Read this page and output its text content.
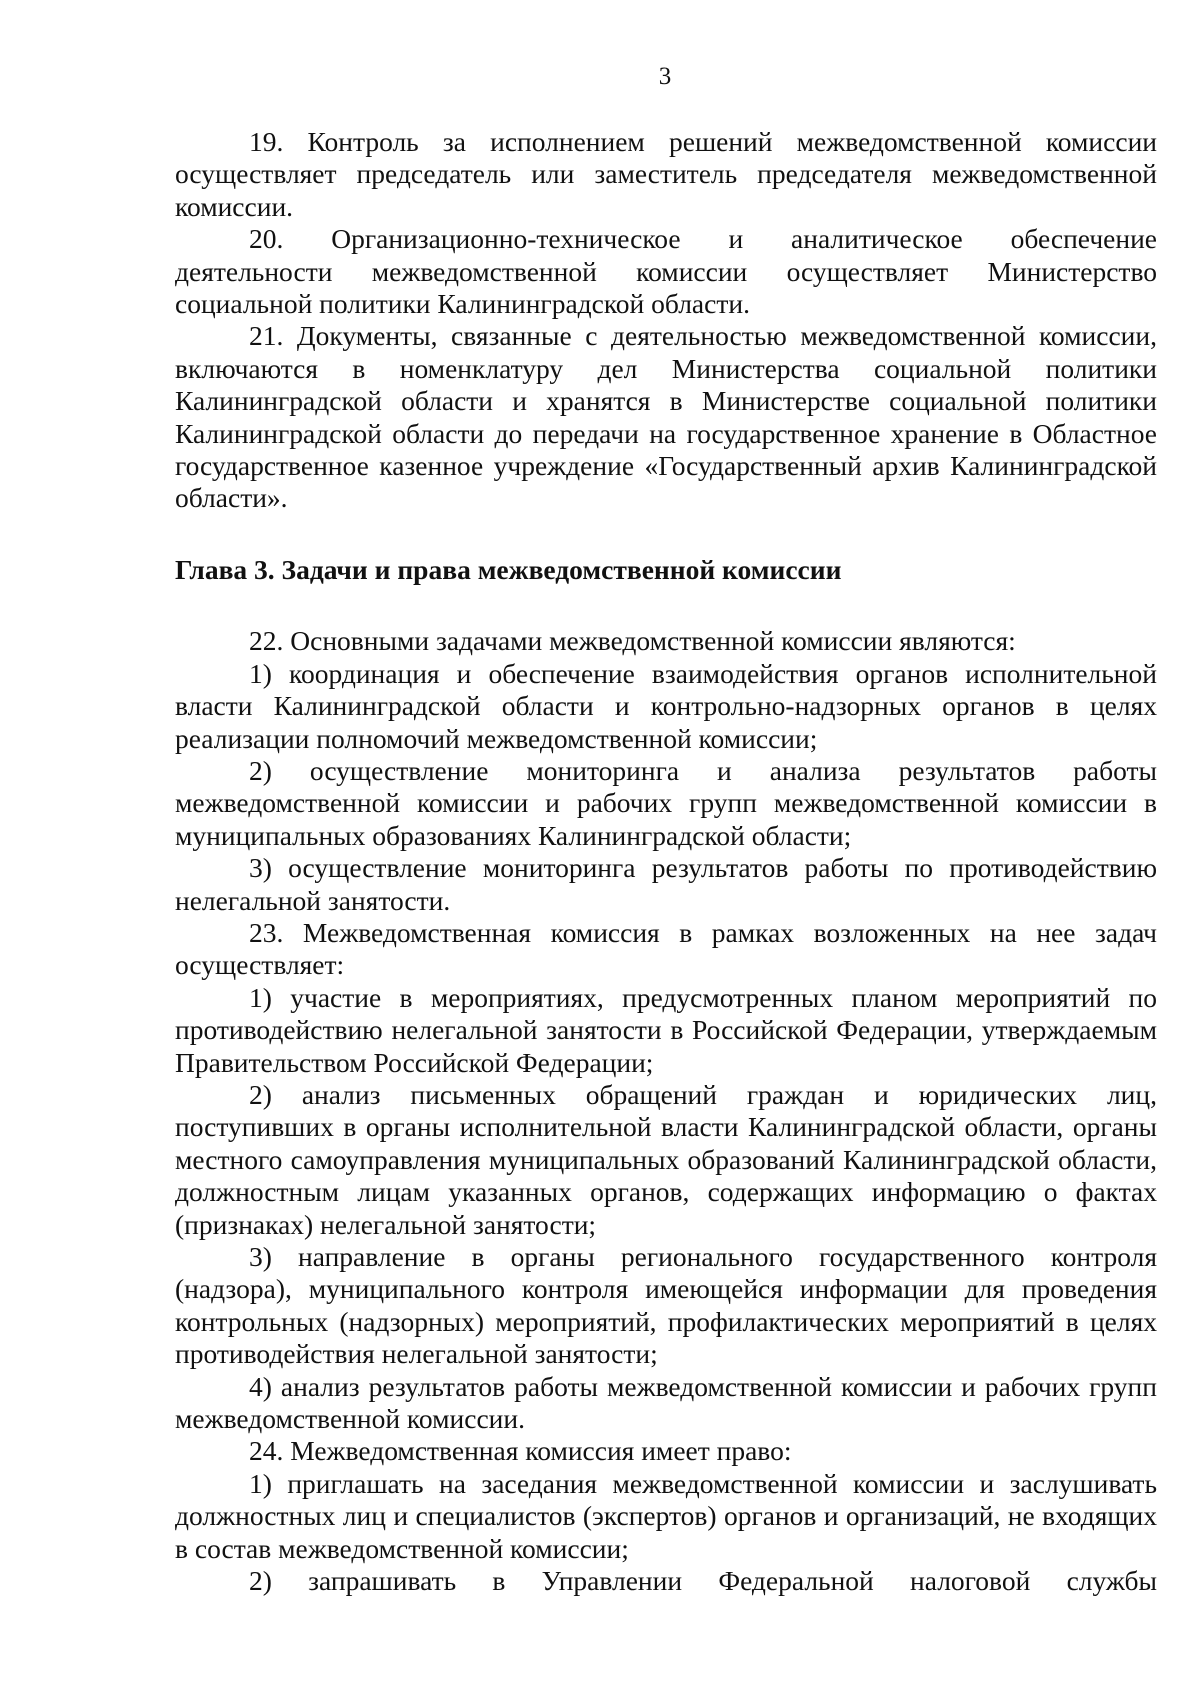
3

19. Контроль за исполнением решений межведомственной комиссии осуществляет председатель или заместитель председателя межведомственной комиссии.

20. Организационно-техническое и аналитическое обеспечение деятельности межведомственной комиссии осуществляет Министерство социальной политики Калининградской области.

21. Документы, связанные с деятельностью межведомственной комиссии, включаются в номенклатуру дел Министерства социальной политики Калининградской области и хранятся в Министерстве социальной политики Калининградской области до передачи на государственное хранение в Областное государственное казенное учреждение «Государственный архив Калининградской области».

Глава 3. Задачи и права межведомственной комиссии

22. Основными задачами межведомственной комиссии являются:

1) координация и обеспечение взаимодействия органов исполнительной власти Калининградской области и контрольно-надзорных органов в целях реализации полномочий межведомственной комиссии;

2) осуществление мониторинга и анализа результатов работы межведомственной комиссии и рабочих групп межведомственной комиссии в муниципальных образованиях Калининградской области;

3) осуществление мониторинга результатов работы по противодействию нелегальной занятости.

23. Межведомственная комиссия в рамках возложенных на нее задач осуществляет:

1) участие в мероприятиях, предусмотренных планом мероприятий по противодействию нелегальной занятости в Российской Федерации, утверждаемым Правительством Российской Федерации;

2) анализ письменных обращений граждан и юридических лиц, поступивших в органы исполнительной власти Калининградской области, органы местного самоуправления муниципальных образований Калининградской области, должностным лицам указанных органов, содержащих информацию о фактах (признаках) нелегальной занятости;

3) направление в органы регионального государственного контроля (надзора), муниципального контроля имеющейся информации для проведения контрольных (надзорных) мероприятий, профилактических мероприятий в целях противодействия нелегальной занятости;

4) анализ результатов работы межведомственной комиссии и рабочих групп межведомственной комиссии.

24. Межведомственная комиссия имеет право:

1) приглашать на заседания межведомственной комиссии и заслушивать должностных лиц и специалистов (экспертов) органов и организаций, не входящих в состав межведомственной комиссии;

2) запрашивать в Управлении Федеральной налоговой службы
